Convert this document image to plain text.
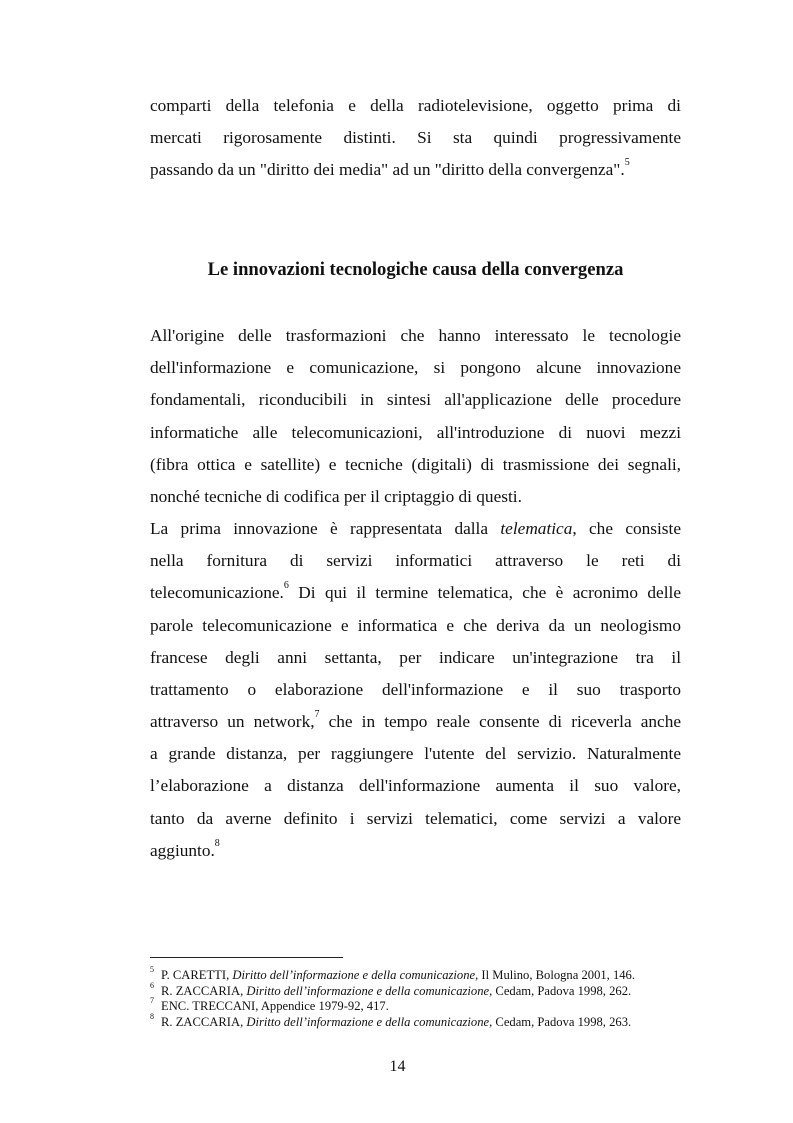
comparti della telefonia e della radiotelevisione, oggetto prima di
mercati rigorosamente distinti. Si sta quindi progressivamente
passando da un "diritto dei media" ad un "diritto della convergenza".$^5$
Le innovazioni tecnologiche causa della convergenza
All'origine delle trasformazioni che hanno interessato le tecnologie
dell'informazione e comunicazione, si pongono alcune innovazione
fondamentali, riconducibili in sintesi all'applicazione delle procedure
informatiche alle telecomunicazioni, all'introduzione di nuovi mezzi
(fibra ottica e satellite) e tecniche (digitali) di trasmissione dei segnali,
nonché tecniche di codifica per il criptaggio di questi.
La prima innovazione è rappresentata dalla telematica, che consiste
nella fornitura di servizi informatici attraverso le reti di
telecomunicazione.$^6$ Di qui il termine telematica, che è acronimo delle
parole telecomunicazione e informatica e che deriva da un neologismo
francese degli anni settanta, per indicare un'integrazione tra il
trattamento o elaborazione dell'informazione e il suo trasporto
attraverso un network,$^7$ che in tempo reale consente di riceverla anche
a grande distanza, per raggiungere l'utente del servizio. Naturalmente
l’elaborazione a distanza dell'informazione aumenta il suo valore,
tanto da averne definito i servizi telematici, come servizi a valore
aggiunto.$^8$
$^5$ P. CARETTI, Diritto dell’informazione e della comunicazione, Il Mulino, Bologna 2001, 146.
$^6$ R. ZACCARIA, Diritto dell’informazione e della comunicazione, Cedam, Padova 1998, 262.
$^7$ ENC. TRECCANI, Appendice 1979-92, 417.
$^8$ R. ZACCARIA, Diritto dell’informazione e della comunicazione, Cedam, Padova 1998, 263.
14
